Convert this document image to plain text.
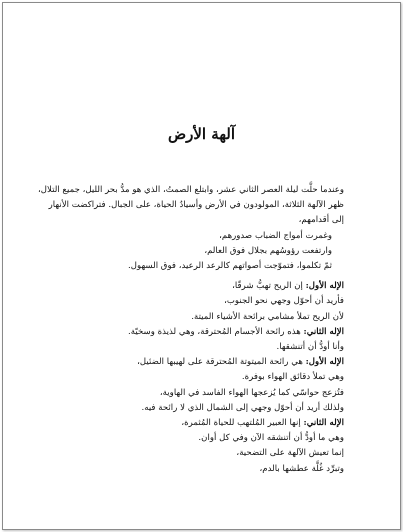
آلهة الأرض
وعندما حلَّت ليلة العصر الثاني عشر، وابتلع الصمتُ، الذي هو مدُّ بحر الليل، جميع التلال،
ظهر الآلهة الثلاثة، المولودون في الأرض وأسيادُ الحياة، على الجبال. فتراكضت الأنهار
إلى أقدامهم،
وغمرت أمواج الضباب صدورهم،
وارتفعت رؤوسُهم بجلال فوق العالم،
ثمّ تكلموا، فتموّجت أصواتهم كالرعد الرعيد، فوق السهول.
الإله الأول: إن الريح تهبُّ شرقًا،
فأريد أن أحوّل وجهي نحو الجنوب،
لأن الريح تملأ مشامي برائحة الأشياء الميتة.
الإله الثاني: هذه رائحة الأجسام المُحترقة، وهي لذيذة وسخيّة.
وأنا أودُّ أن أتنشقها.
الإله الأول: هي رائحة الميتوتة المُحترقة على لهيبها الضئيل،
وهي تملأ دقائق الهواء بوفرة.
فتُزعج حواسّي كما يُزعجها الهواء الفاسد في الهاوية،
ولذلك أريد أن أحوّل وجهي إلى الشمال الذي لا رائحة فيه.
الإله الثاني: إنها العبير المُلتهب للحياة المُثمرة،
وهي ما أودُّ أن أتنشقه الآن وفي كل أوان.
إنما تعيش الآلهة على التضحية،
وتبرِّد غُلَّة عطشها بالدم،
